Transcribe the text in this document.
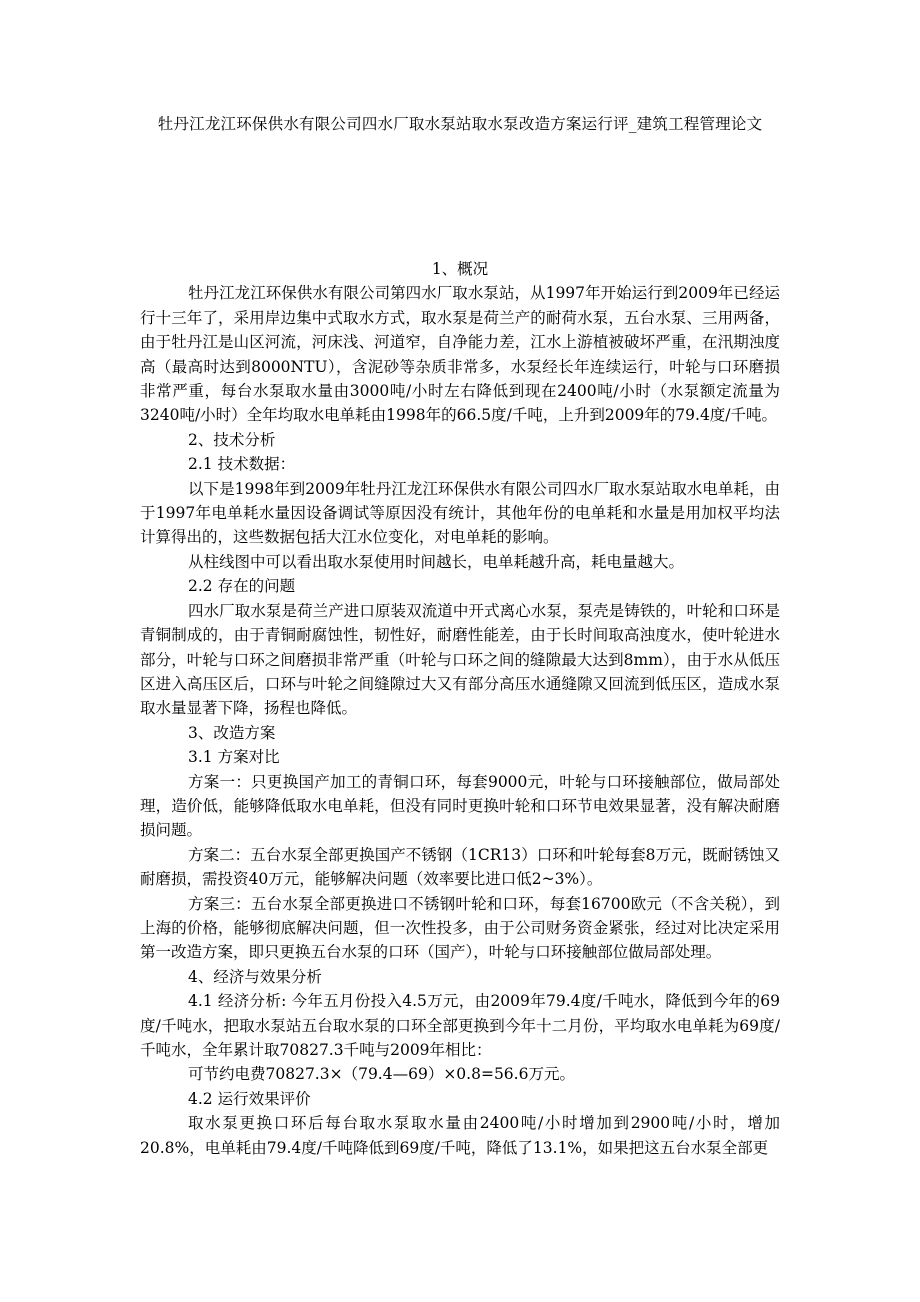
牡丹江龙江环保供水有限公司四水厂取水泵站取水泵改造方案运行评_建筑工程管理论文

1、概况

牡丹江龙江环保供水有限公司第四水厂取水泵站，从1997年开始运行到2009年已经运行十三年了，采用岸边集中式取水方式，取水泵是荷兰产的耐荷水泵，五台水泵、三用两备，由于牡丹江是山区河流，河床浅、河道窄，自净能力差，江水上游植被破坏严重，在汛期浊度高（最高时达到8000NTU），含泥砂等杂质非常多，水泵经长年连续运行，叶轮与口环磨损非常严重，每台水泵取水量由3000吨/小时左右降低到现在2400吨/小时（水泵额定流量为3240吨/小时）全年均取水电单耗由1998年的66.5度/千吨，上升到2009年的79.4度/千吨。

2、技术分析

2.1 技术数据：

以下是1998年到2009年牡丹江龙江环保供水有限公司四水厂取水泵站取水电单耗，由于1997年电单耗水量因设备调试等原因没有统计，其他年份的电单耗和水量是用加权平均法计算得出的，这些数据包括大江水位变化，对电单耗的影响。

从柱线图中可以看出取水泵使用时间越长，电单耗越升高，耗电量越大。

2.2 存在的问题

四水厂取水泵是荷兰产进口原装双流道中开式离心水泵，泵壳是铸铁的，叶轮和口环是青铜制成的，由于青铜耐腐蚀性，韧性好，耐磨性能差，由于长时间取高浊度水，使叶轮进水部分，叶轮与口环之间磨损非常严重（叶轮与口环之间的缝隙最大达到8mm），由于水从低压区进入高压区后，口环与叶轮之间缝隙过大又有部分高压水通缝隙又回流到低压区，造成水泵取水量显著下降，扬程也降低。

3、改造方案

3.1 方案对比

方案一：只更换国产加工的青铜口环，每套9000元，叶轮与口环接触部位，做局部处理，造价低，能够降低取水电单耗，但没有同时更换叶轮和口环节电效果显著，没有解决耐磨损问题。

方案二：五台水泵全部更换国产不锈钢（1CR13）口环和叶轮每套8万元，既耐锈蚀又耐磨损，需投资40万元，能够解决问题（效率要比进口低2~3%）。

方案三：五台水泵全部更换进口不锈钢叶轮和口环，每套16700欧元（不含关税），到上海的价格，能够彻底解决问题，但一次性投多，由于公司财务资金紧张，经过对比决定采用第一改造方案，即只更换五台水泵的口环（国产），叶轮与口环接触部位做局部处理。

4、经济与效果分析

4.1 经济分析: 今年五月份投入4.5万元，由2009年79.4度/千吨水，降低到今年的69度/千吨水，把取水泵站五台取水泵的口环全部更换到今年十二月份，平均取水电单耗为69度/千吨水，全年累计取70827.3千吨与2009年相比：

可节约电费70827.3×（79.4—69）×0.8=56.6万元。

4.2 运行效果评价

取水泵更换口环后每台取水泵取水量由2400吨/小时增加到2900吨/小时，增加20.8%，电单耗由79.4度/千吨降低到69度/千吨，降低了13.1%，如果把这五台水泵全部更
